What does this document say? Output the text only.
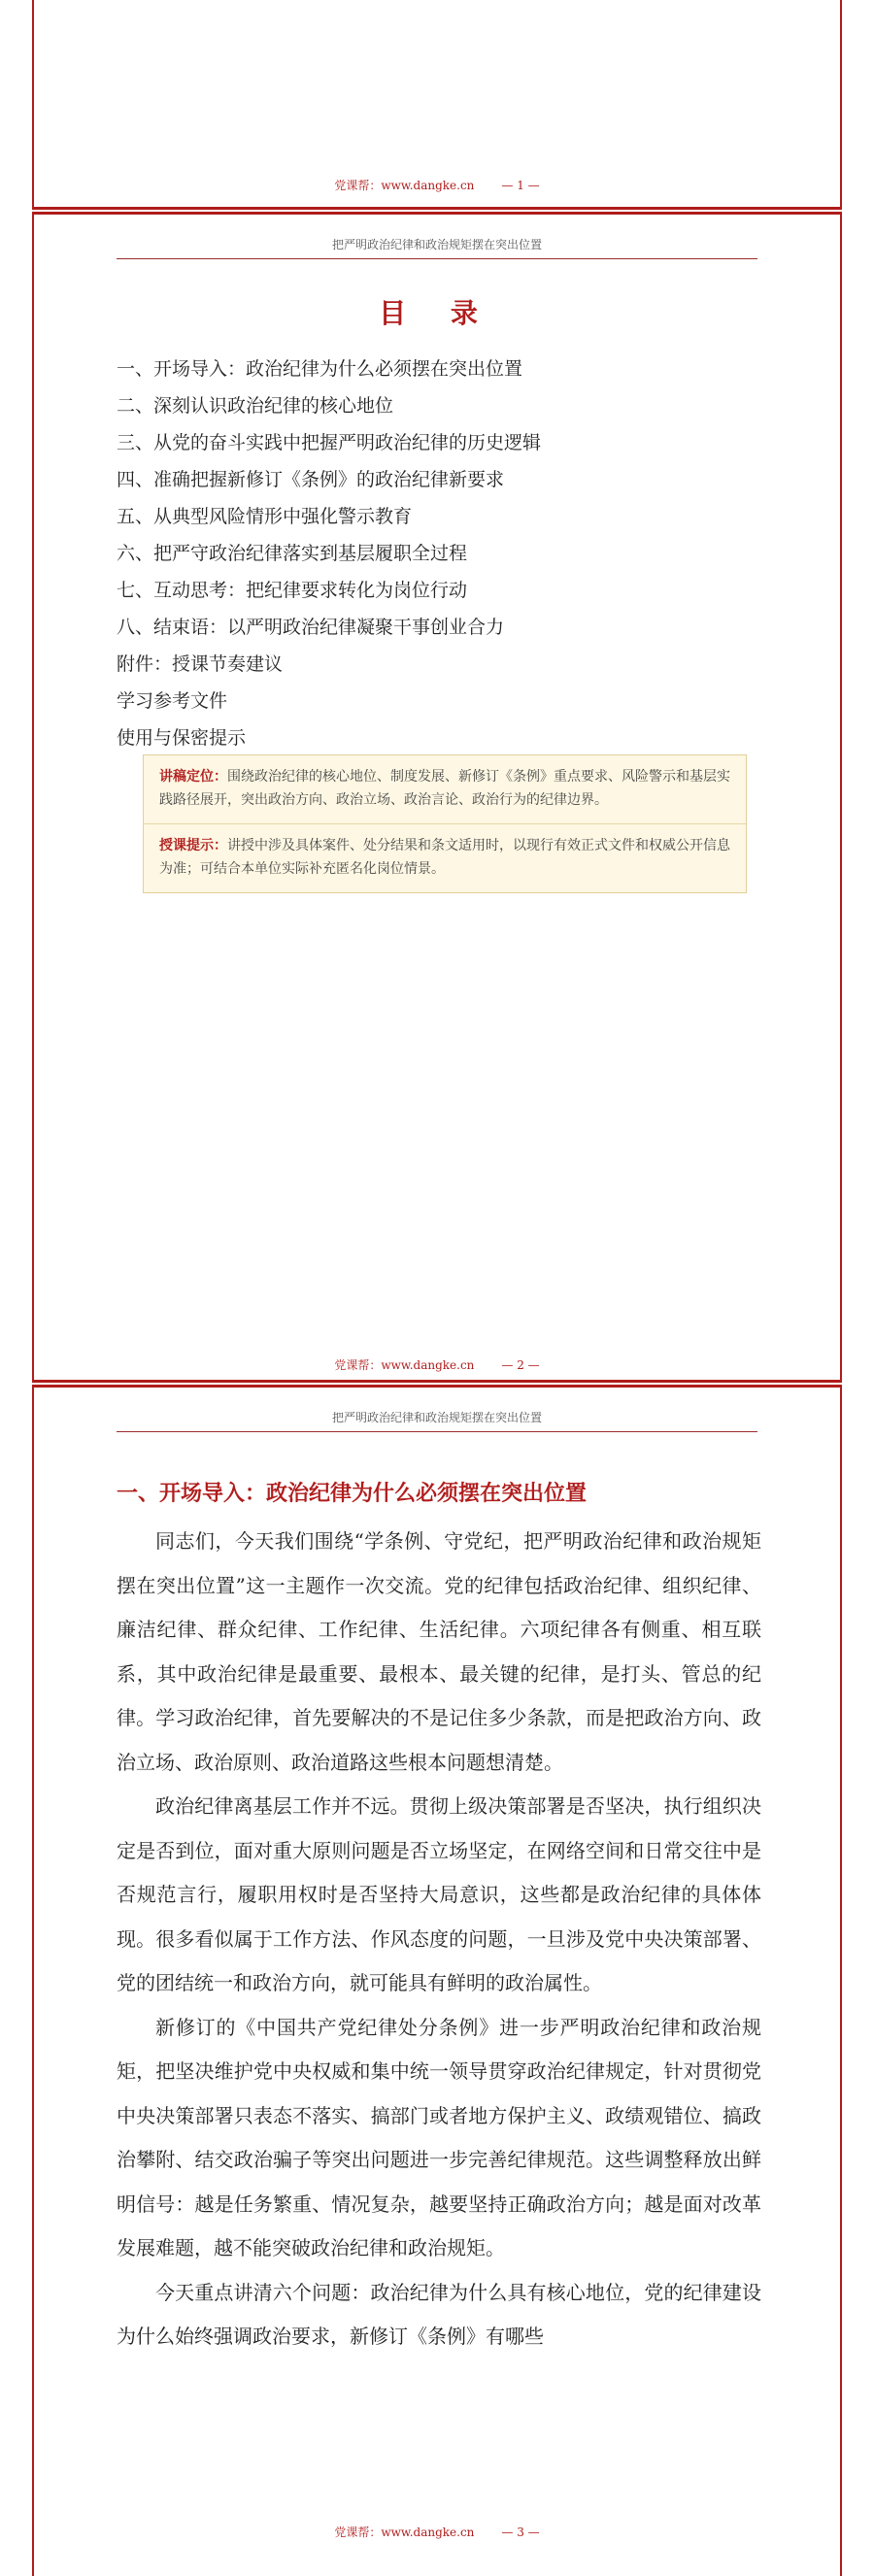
党课帮：www.dangke.cn — 1 —
把严明政治纪律和政治规矩摆在突出位置
目 录
一、开场导入：政治纪律为什么必须摆在突出位置
二、深刻认识政治纪律的核心地位
三、从党的奋斗实践中把握严明政治纪律的历史逻辑
四、准确把握新修订《条例》的政治纪律新要求
五、从典型风险情形中强化警示教育
六、把严守政治纪律落实到基层履职全过程
七、互动思考：把纪律要求转化为岗位行动
八、结束语：以严明政治纪律凝聚干事创业合力
附件：授课节奏建议
学习参考文件
使用与保密提示
讲稿定位：围绕政治纪律的核心地位、制度发展、新修订《条例》重点要求、风险警示和基层实践路径展开，突出政治方向、政治立场、政治言论、政治行为的纪律边界。
授课提示：讲授中涉及具体案件、处分结果和条文适用时，以现行有效正式文件和权威公开信息为准；可结合本单位实际补充匿名化岗位情景。
党课帮：www.dangke.cn — 2 —
把严明政治纪律和政治规矩摆在突出位置
一、开场导入：政治纪律为什么必须摆在突出位置

同志们，今天我们围绕“学条例、守党纪，把严明政治纪律和政治规矩摆在突出位置”这一主题作一次交流。党的纪律包括政治纪律、组织纪律、廉洁纪律、群众纪律、工作纪律、生活纪律。六项纪律各有侧重、相互联系，其中政治纪律是最重要、最根本、最关键的纪律，是打头、管总的纪律。学习政治纪律，首先要解决的不是记住多少条款，而是把政治方向、政治立场、政治原则、政治道路这些根本问题想清楚。

政治纪律离基层工作并不远。贯彻上级决策部署是否坚决，执行组织决定是否到位，面对重大原则问题是否立场坚定，在网络空间和日常交往中是否规范言行，履职用权时是否坚持大局意识，这些都是政治纪律的具体体现。很多看似属于工作方法、作风态度的问题，一旦涉及党中央决策部署、党的团结统一和政治方向，就可能具有鲜明的政治属性。

新修订的《中国共产党纪律处分条例》进一步严明政治纪律和政治规矩，把坚决维护党中央权威和集中统一领导贯穿政治纪律规定，针对贯彻党中央决策部署只表态不落实、搞部门或者地方保护主义、政绩观错位、搞政治攀附、结交政治骗子等突出问题进一步完善纪律规范。这些调整释放出鲜明信号：越是任务繁重、情况复杂，越要坚持正确政治方向；越是面对改革发展难题，越不能突破政治纪律和政治规矩。

今天重点讲清六个问题：政治纪律为什么具有核心地位，党的纪律建设为什么始终强调政治要求，新修订《条例》有哪些

党课帮：www.dangke.cn — 3 —
